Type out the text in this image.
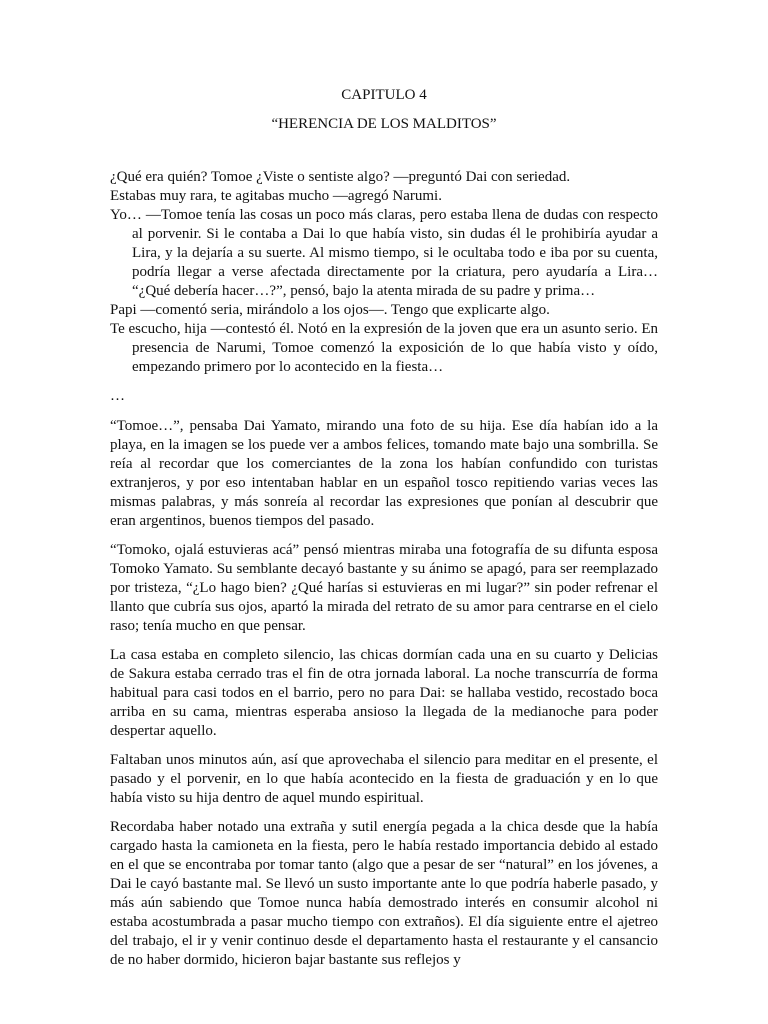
CAPITULO 4
“HERENCIA DE LOS MALDITOS”

¿Qué era quién? Tomoe ¿Viste o sentiste algo? —preguntó Dai con seriedad.

Estabas muy rara, te agitabas mucho —agregó Narumi.

Yo… —Tomoe tenía las cosas un poco más claras, pero estaba llena de dudas con respecto al porvenir. Si le contaba a Dai lo que había visto, sin dudas él le prohibiría ayudar a Lira, y la dejaría a su suerte. Al mismo tiempo, si le ocultaba todo e iba por su cuenta, podría llegar a verse afectada directamente por la criatura, pero ayudaría a Lira… “¿Qué debería hacer…?”, pensó, bajo la atenta mirada de su padre y prima…

Papi —comentó seria, mirándolo a los ojos—. Tengo que explicarte algo.

Te escucho, hija —contestó él. Notó en la expresión de la joven que era un asunto serio. En presencia de Narumi, Tomoe comenzó la exposición de lo que había visto y oído, empezando primero por lo acontecido en la fiesta…

…

“Tomoe…”, pensaba Dai Yamato, mirando una foto de su hija. Ese día habían ido a la playa, en la imagen se los puede ver a ambos felices, tomando mate bajo una sombrilla. Se reía al recordar que los comerciantes de la zona los habían confundido con turistas extranjeros, y por eso intentaban hablar en un español tosco repitiendo varias veces las mismas palabras, y más sonreía al recordar las expresiones que ponían al descubrir que eran argentinos, buenos tiempos del pasado.

“Tomoko, ojalá estuvieras acá” pensó mientras miraba una fotografía de su difunta esposa Tomoko Yamato. Su semblante decayó bastante y su ánimo se apagó, para ser reemplazado por tristeza, “¿Lo hago bien? ¿Qué harías si estuvieras en mi lugar?” sin poder refrenar el llanto que cubría sus ojos, apartó la mirada del retrato de su amor para centrarse en el cielo raso; tenía mucho en que pensar.

La casa estaba en completo silencio, las chicas dormían cada una en su cuarto y Delicias de Sakura estaba cerrado tras el fin de otra jornada laboral. La noche transcurría de forma habitual para casi todos en el barrio, pero no para Dai: se hallaba vestido, recostado boca arriba en su cama, mientras esperaba ansioso la llegada de la medianoche para poder despertar aquello.

Faltaban unos minutos aún, así que aprovechaba el silencio para meditar en el presente, el pasado y el porvenir, en lo que había acontecido en la fiesta de graduación y en lo que había visto su hija dentro de aquel mundo espiritual.

Recordaba haber notado una extraña y sutil energía pegada a la chica desde que la había cargado hasta la camioneta en la fiesta, pero le había restado importancia debido al estado en el que se encontraba por tomar tanto (algo que a pesar de ser “natural” en los jóvenes, a Dai le cayó bastante mal. Se llevó un susto importante ante lo que podría haberle pasado, y más aún sabiendo que Tomoe nunca había demostrado interés en consumir alcohol ni estaba acostumbrada a pasar mucho tiempo con extraños). El día siguiente entre el ajetreo del trabajo, el ir y venir continuo desde el departamento hasta el restaurante y el cansancio de no haber dormido, hicieron bajar bastante sus reflejos y
